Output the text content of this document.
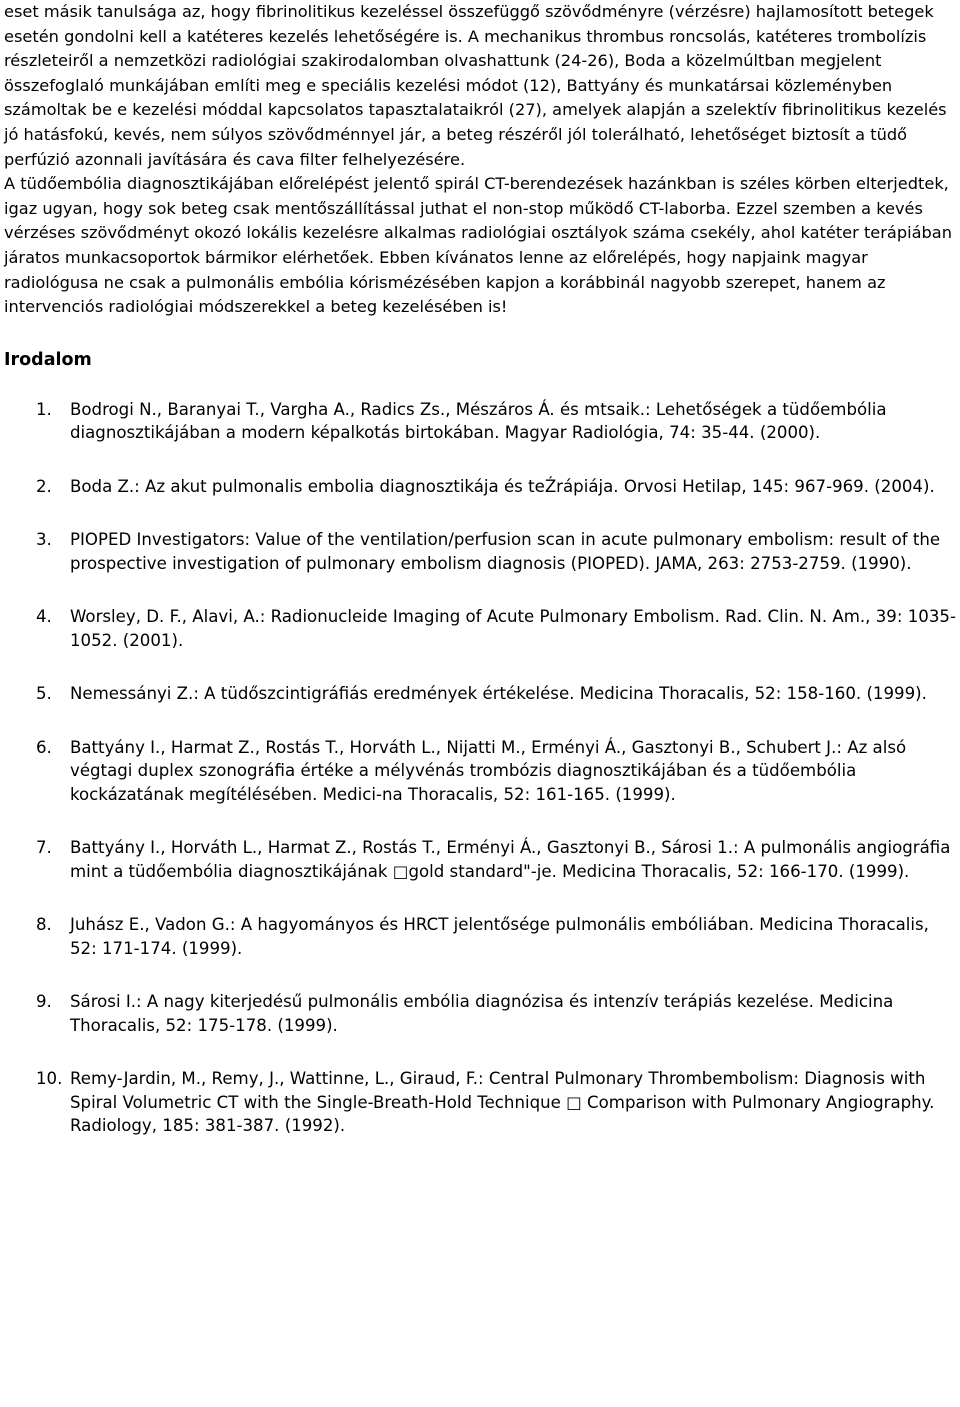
eset másik tanulsága az, hogy fibrinolitikus kezeléssel összefüggő szövődményre (vérzésre) hajlamosított betegek esetén gondolni kell a katéteres kezelés lehetőségére is. A mechanikus thrombus roncsolás, katéteres trombolízis részleteiről a nemzetközi radiológiai szakirodalomban olvashattunk (24-26), Boda a közelmúltban megjelent összefoglaló munkájában említi meg e speciális kezelési módot (12), Battyány és munkatársai közleményben számoltak be e kezelési móddal kapcsolatos tapasztalataikról (27), amelyek alapján a szelektív fibrinolitikus kezelés jó hatásfokú, kevés, nem súlyos szövődménnyel jár, a beteg részéről jól tolerálható, lehetőséget biztosít a tüdő perfúzió azonnali javítására és cava filter felhelyezésére.

A tüdőembólia diagnosztikájában előrelépést jelentő spirál CT-berendezések hazánkban is széles körben elterjedtek, igaz ugyan, hogy sok beteg csak mentőszállítással juthat el non-stop működő CT-laborba. Ezzel szemben a kevés vérzéses szövődményt okozó lokális kezelésre alkalmas radiológiai osztályok száma csekély, ahol katéter terápiában járatos munkacsoportok bármikor elérhetőek. Ebben kívánatos lenne az előrelépés, hogy napjaink magyar radiológusa ne csak a pulmonális embólia kórismézésében kapjon a korábbinál nagyobb szerepet, hanem az intervenciós radiológiai módszerekkel a beteg kezelésében is!

Irodalom
1.	Bodrogi N., Baranyai T., Vargha A., Radics Zs., Mészáros Á. és mtsaik.: Lehetőségek a tüdőembólia diagnosztikájában a modern képalkotás birtokában. Magyar Radiológia, 74: 35-44. (2000).
2.	Boda Z.: Az akut pulmonalis embolia diagnosztikája és teŹrápiája. Orvosi Hetilap, 145: 967-969. (2004).
3.	PIOPED Investigators: Value of the ventilation/perfusion scan in acute pulmonary embolism: result of the prospective investigation of pulmonary embolism diagnosis (PIOPED). JAMA, 263: 2753-2759. (1990).
4.	Worsley, D. F., Alavi, A.: Radionucleide Imaging of Acute Pulmonary Embolism. Rad. Clin. N. Am., 39: 1035-1052. (2001).
5.	Nemessányi Z.: A tüdőszcintigráfiás eredmények értékelése. Medicina Thoracalis, 52: 158-160. (1999).
6.	Battyány I., Harmat Z., Rostás T., Horváth L., Nijatti M., Erményi Á., Gasztonyi B., Schubert J.: Az alsó végtagi duplex szonográfia értéke a mélyvénás trombózis diagnosztikájában és a tüdőembólia kockázatának megítélésében. Medici-na Thoracalis, 52: 161-165. (1999).
7.	Battyány I., Horváth L., Harmat Z., Rostás T., Erményi Á., Gasztonyi B., Sárosi 1.: A pulmonális angiográfia mint a tüdőembólia diagnosztikájának □gold standard"-je. Medicina Thoracalis, 52: 166-170. (1999).
8.	Juhász E., Vadon G.: A hagyományos és HRCT jelentősége pulmonális embóliában. Medicina Thoracalis, 52: 171-174. (1999).
9.	Sárosi I.: A nagy kiterjedésű pulmonális embólia diagnózisa és intenzív terápiás kezelése. Medicina Thoracalis, 52: 175-178. (1999).
10. Remy-Jardin, M., Remy, J., Wattinne, L., Giraud, F.: Central Pulmonary Thrombembolism: Diagnosis with Spiral Volumetric CT with the Single-Breath-Hold Technique □ Comparison with Pulmonary Angiography. Radiology, 185: 381-387. (1992).
